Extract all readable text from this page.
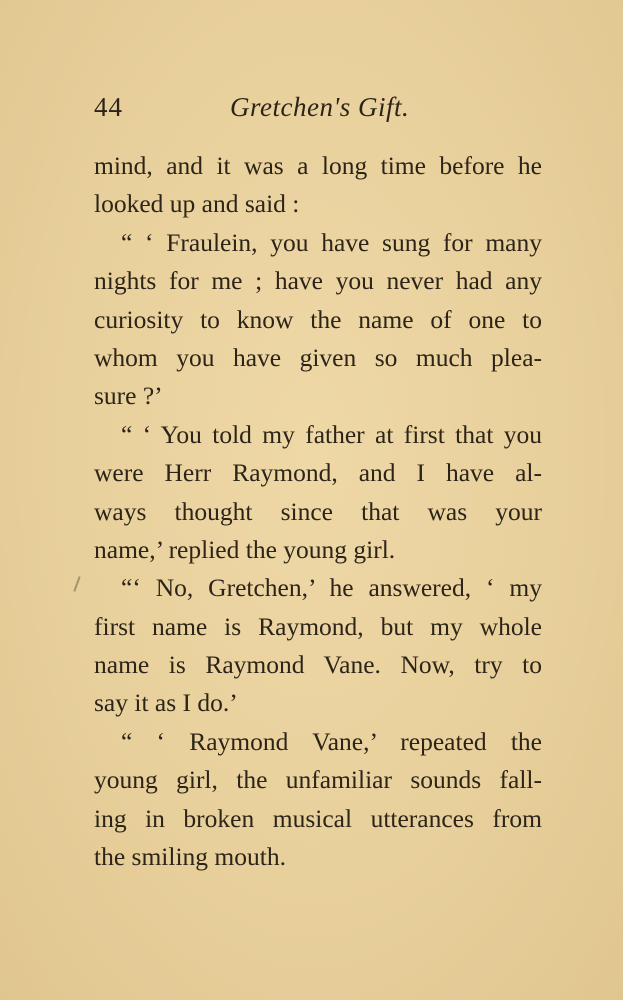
44	Gretchen's Gift.
mind, and it was a long time before he
looked up and said :
“ ‘ Fraulein, you have sung for many
nights for me ; have you never had any
curiosity to know the name of one to
whom you have given so much plea-
sure ?’
“ ‘ You told my father at first that you
were Herr Raymond, and I have al-
ways thought since that was your
name,’ replied the young girl.
“‘ No, Gretchen,’ he answered, ‘ my
first name is Raymond, but my whole
name is Raymond Vane. Now, try to
say it as I do.’
“ ‘ Raymond Vane,’ repeated the
young girl, the unfamiliar sounds fall-
ing in broken musical utterances from
the smiling mouth.
